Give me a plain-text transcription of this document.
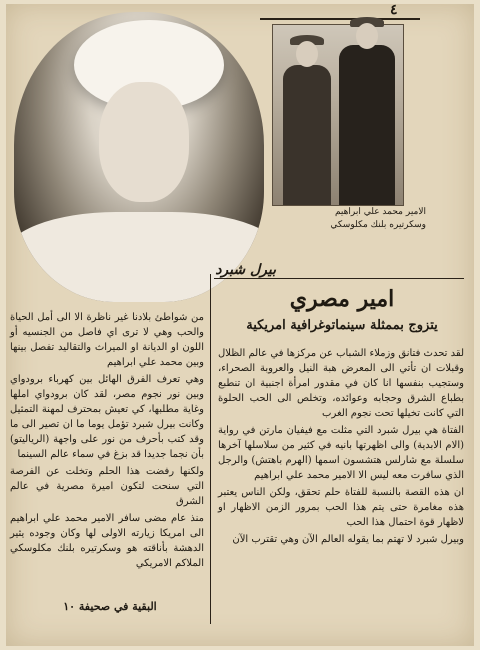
٤
الامير محمد علي ابراهيم
وسكرتيره بلنك مكلوسكي
بيرل شبرد
امير مصري
يتزوج بممثلة سينماتوغرافية امريكية

لقد تحدث فتانق وزملاء الشباب عن مركزها في عالم الظلال وقبلات ان تأتي الى المعرض هبة النيل والعروبة الصحراء، وستجيب بنفسها انا كان في مقدور امرأة اجنبية ان تنطبع بطباع الشرق وحجابه وعوائده، وتخلص الى الحب الحلوة التي كانت تخيلها تحت نجوم الغرب

الفتاة هي بيرل شبرد التي مثلت مع فيفيان مارتن في رواية (الام الابدية) والى اظهرتها بانيه في كثير من سلاسلها آخرها سلسلة مع شارلس هتشسون اسمها (الهرم باهتش) والرجل الذي سافرت معه ليس الا الامير محمد علي ابراهيم

ان هذه القصة بالنسبة للفتاة حلم تحقق، ولكن الناس يعتبر هذه مغامرة حتى يتم هذا الحب بمرور الزمن الاظهار او لاظهار قوة احتمال هذا الحب

وبيرل شبرد لا تهتم بما يقوله العالم الآن وهي تقترب الآن

من شواطئ بلادنا غير ناظرة الا الى أمل الحياة والحب وهي لا ترى اي فاصل من الجنسيه أو اللون او الديانة او الميراث والتقاليد تفصل بينها وبين محمد علي ابراهيم

وهي تعرف الفرق الهائل بين كهرباء برودواي وبين نور نجوم مصر، لقد كان برودواي املها وغاية مطلبها، كي تعيش بمحترف لمهنة التمثيل وكانت بيرل شبرد تؤمل يوما ما ان تصير الى ما وقد كتب بأحرف من نور على واجهة (الرياليتو) بأن نجما جديدا قد بزغ في سماء عالم السينما

ولكنها رفضت هذا الحلم وتخلت عن الفرصة التي سنحت لتكون اميرة مصرية في عالم الشرق

منذ عام مضى سافر الامير محمد علي ابراهيم الى امريكا زيارته الاولى لها وكان وجوده يثير الدهشة بأناقته هو وسكرتيره بلنك مكلوسكي الملاكم الامريكي

البقية في صحيفة ١٠
